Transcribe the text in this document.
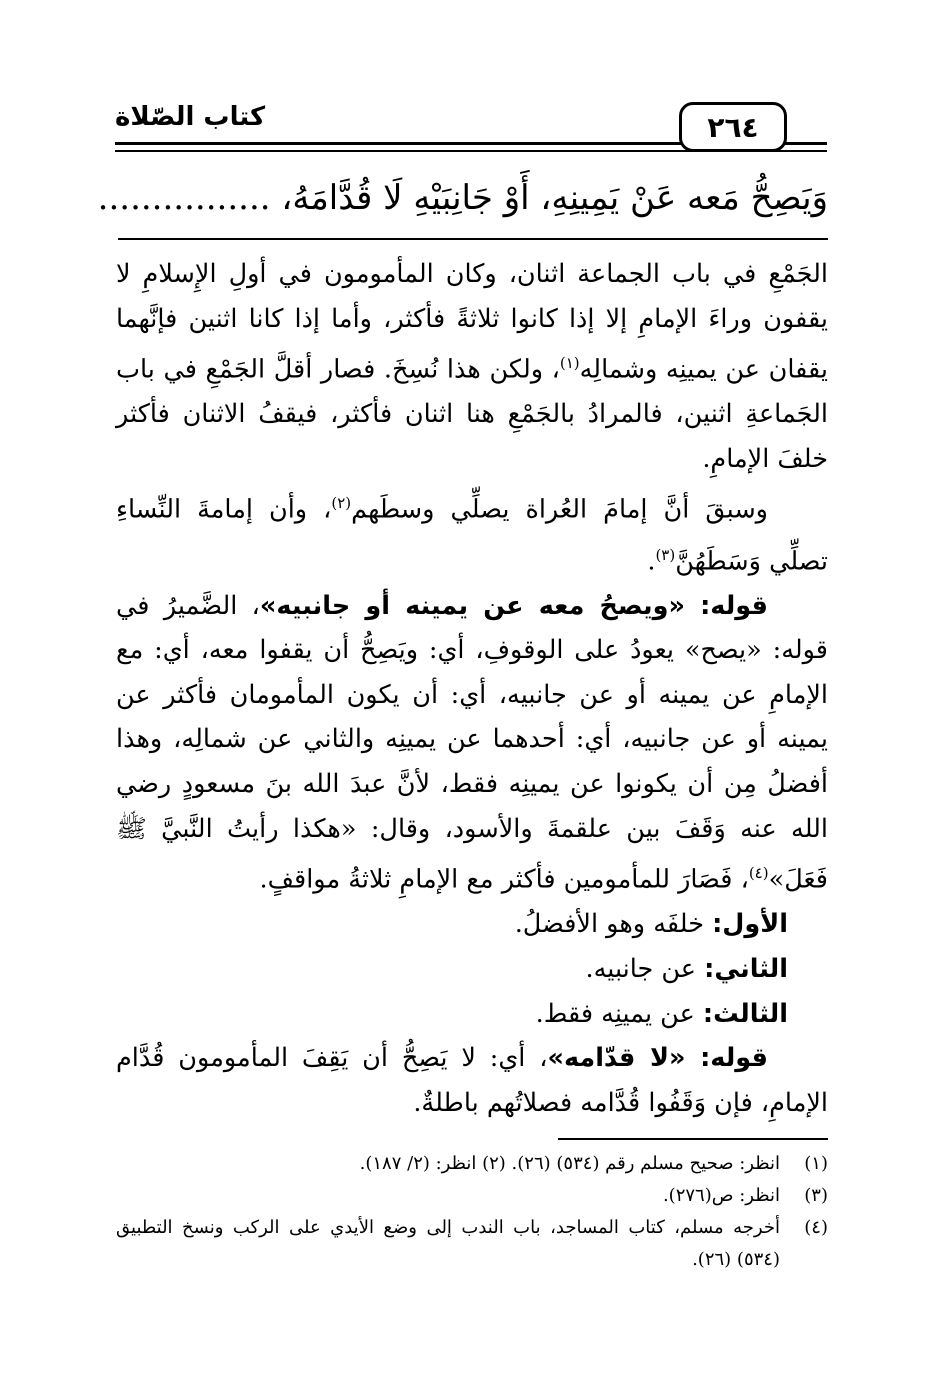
٢٦٤
كتاب الصّلاة
وَيَصِحُّ مَعه عَنْ يَمِينِهِ، أَوْ جَانِبَيْهِ لَا قُدَّامَهُ، ................

الجَمْعِ في باب الجماعة اثنان، وكان المأمومون في أولِ الإِسلامِ لا يقفون وراءَ الإمامِ إلا إذا كانوا ثلاثةً فأكثر، وأما إذا كانا اثنين فإنَّهما يقفان عن يمينِه وشمالِه$^{(١)}$، ولكن هذا نُسِخَ. فصار أقلَّ الجَمْعِ في باب الجَماعةِ اثنين، فالمرادُ بالجَمْعِ هنا اثنان فأكثر، فيقفُ الاثنان فأكثر خلفَ الإمامِ.

وسبقَ أنَّ إمامَ العُراة يصلِّي وسطَهم$^{(٢)}$، وأن إمامةَ النِّساءِ تصلِّي وَسَطَهُنَّ$^{(٣)}$.

قوله: «ويصحُ معه عن يمينه أو جانبيه»، الضَّميرُ في قوله: «يصح» يعودُ على الوقوفِ، أي: ويَصِحُّ أن يقفوا معه، أي: مع الإمامِ عن يمينه أو عن جانبيه، أي: أن يكون المأمومان فأكثر عن يمينه أو عن جانبيه، أي: أحدهما عن يمينِه والثاني عن شمالِه، وهذا أفضلُ مِن أن يكونوا عن يمينِه فقط، لأنَّ عبدَ الله بنَ مسعودٍ رضي الله عنه وَقَفَ بين علقمةَ والأسود، وقال: «هكذا رأيتُ النَّبيَّ ﷺ فَعَلَ»$^{(٤)}$، فَصَارَ للمأمومين فأكثر مع الإمامِ ثلاثةُ مواقفٍ.

الأول: خلفَه وهو الأفضلُ.

الثاني: عن جانبيه.

الثالث: عن يمينِه فقط.

قوله: «لا قدّامه»، أي: لا يَصِحُّ أن يَقِفَ المأمومون قُدَّام الإمامِ، فإن وَقَفُوا قُدَّامه فصلاتُهم باطلةٌ.

(١)
انظر: صحيح مسلم رقم (٥٣٤) (٢٦). (٢) انظر: (٢/ ١٨٧).
(٣)
انظر: ص(٢٧٦).
(٤)
أخرجه مسلم، كتاب المساجد، باب الندب إلى وضع الأيدي على الركب ونسخ التطبيق (٥٣٤) (٢٦).
